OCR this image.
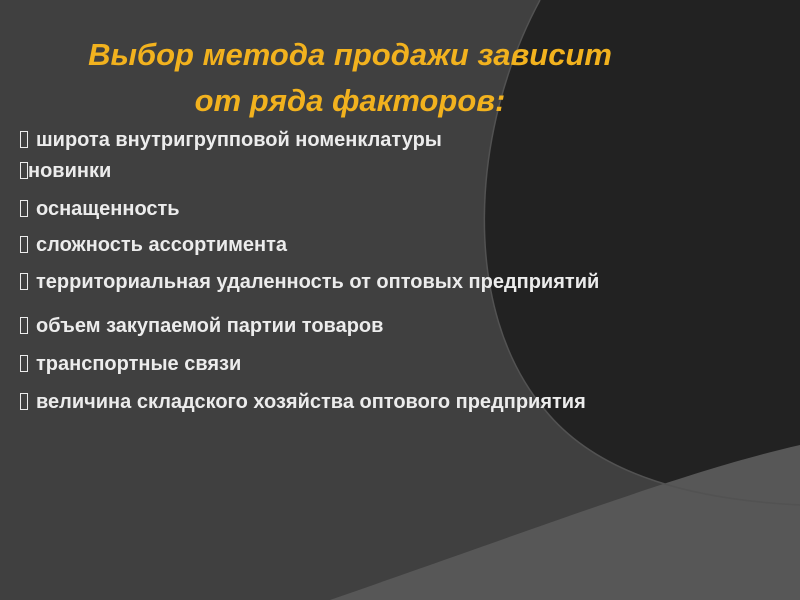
Выбор метода продажи зависит
от ряда факторов:
широта внутригрупповой номенклатуры
новинки
оснащенность
сложность ассортимента
территориальная удаленность от оптовых предприятий
объем закупаемой партии товаров
транспортные связи
величина складского хозяйства оптового предприятия
